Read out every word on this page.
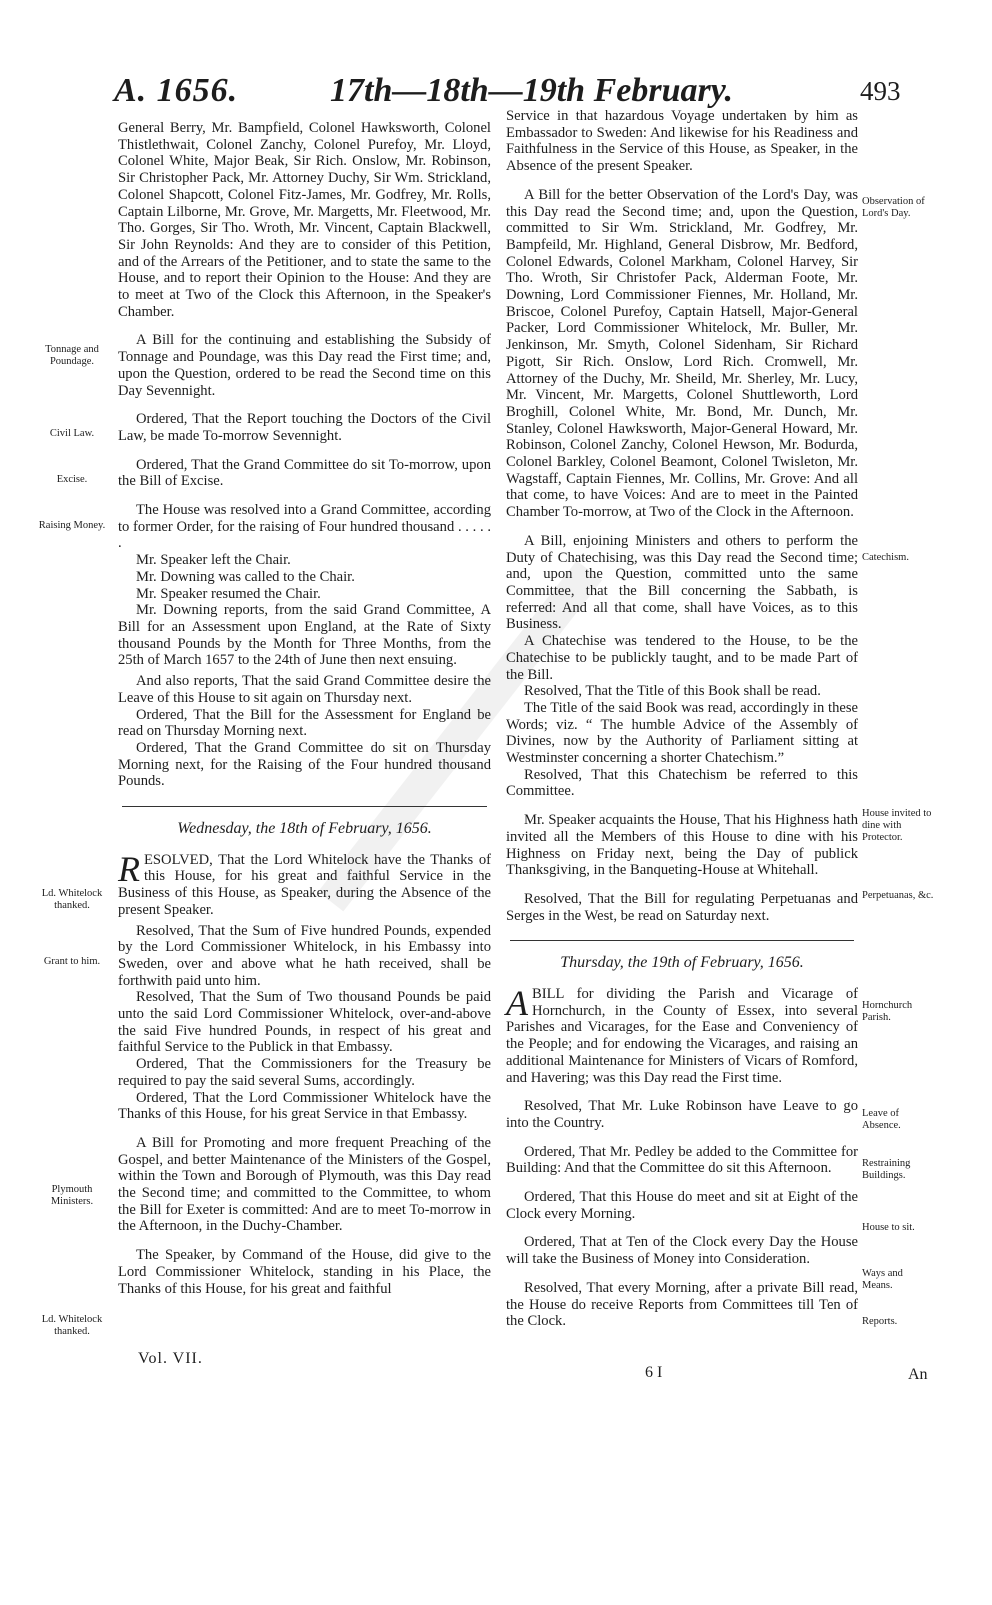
A. 1656.	17th—18th—19th February.	493

General Berry, Mr. Bampfield, Colonel Hawksworth, Colonel Thistlethwait, Colonel Zanchy, Colonel Purefoy, Mr. Lloyd, Colonel White, Major Beak, Sir Rich. Onslow, Mr. Robinson, Sir Christopher Pack, Mr. Attorney Duchy, Sir Wm. Strickland, Colonel Shapcott, Colonel Fitz-James, Mr. Godfrey, Mr. Rolls, Captain Lilborne, Mr. Grove, Mr. Margetts, Mr. Fleetwood, Mr. Tho. Gorges, Sir Tho. Wroth, Mr. Vincent, Captain Blackwell, Sir John Reynolds: And they are to consider of this Petition, and of the Arrears of the Petitioner, and to state the same to the House, and to report their Opinion to the House: And they are to meet at Two of the Clock this Afternoon, in the Speaker's Chamber.

A Bill for the continuing and establishing the Subsidy of Tonnage and Poundage, was this Day read the First time; and, upon the Question, ordered to be read the Second time on this Day Sevennight.

Ordered, That the Report touching the Doctors of the Civil Law, be made To-morrow Sevennight.

Ordered, That the Grand Committee do sit To-morrow, upon the Bill of Excise.

The House was resolved into a Grand Committee, according to former Order, for the raising of Four hundred thousand . . . . . .

Mr. Speaker left the Chair.

Mr. Downing was called to the Chair.

Mr. Speaker resumed the Chair.

Mr. Downing reports, from the said Grand Committee, A Bill for an Assessment upon England, at the Rate of Sixty thousand Pounds by the Month for Three Months, from the 25th of March 1657 to the 24th of June then next ensuing.

And also reports, That the said Grand Committee desire the Leave of this House to sit again on Thursday next.

Ordered, That the Bill for the Assessment for England be read on Thursday Morning next.

Ordered, That the Grand Committee do sit on Thursday Morning next, for the Raising of the Four hundred thousand Pounds.

Wednesday, the 18th of February, 1656.

RESOLVED, That the Lord Whitelock have the Thanks of this House, for his great and faithful Service in the Business of this House, as Speaker, during the Absence of the present Speaker.

Resolved, That the Sum of Five hundred Pounds, expended by the Lord Commissioner Whitelock, in his Embassy into Sweden, over and above what he hath received, shall be forthwith paid unto him.

Resolved, That the Sum of Two thousand Pounds be paid unto the said Lord Commissioner Whitelock, over-and-above the said Five hundred Pounds, in respect of his great and faithful Service to the Publick in that Embassy.

Ordered, That the Commissioners for the Treasury be required to pay the said several Sums, accordingly.

Ordered, That the Lord Commissioner Whitelock have the Thanks of this House, for his great Service in that Embassy.

A Bill for Promoting and more frequent Preaching of the Gospel, and better Maintenance of the Ministers of the Gospel, within the Town and Borough of Plymouth, was this Day read the Second time; and committed to the Committee, to whom the Bill for Exeter is committed: And are to meet To-morrow in the Afternoon, in the Duchy-Chamber.

The Speaker, by Command of the House, did give to the Lord Commissioner Whitelock, standing in his Place, the Thanks of this House, for his great and faithful

Service in that hazardous Voyage undertaken by him as Embassador to Sweden: And likewise for his Readiness and Faithfulness in the Service of this House, as Speaker, in the Absence of the present Speaker.

A Bill for the better Observation of the Lord's Day, was this Day read the Second time; and, upon the Question, committed to Sir Wm. Strickland, Mr. Godfrey, Mr. Bampfeild, Mr. Highland, General Disbrow, Mr. Bedford, Colonel Edwards, Colonel Markham, Colonel Harvey, Sir Tho. Wroth, Sir Christofer Pack, Alderman Foote, Mr. Downing, Lord Commissioner Fiennes, Mr. Holland, Mr. Briscoe, Colonel Purefoy, Captain Hatsell, Major-General Packer, Lord Commissioner Whitelock, Mr. Buller, Mr. Jenkinson, Mr. Smyth, Colonel Sidenham, Sir Richard Pigott, Sir Rich. Onslow, Lord Rich. Cromwell, Mr. Attorney of the Duchy, Mr. Sheild, Mr. Sherley, Mr. Lucy, Mr. Vincent, Mr. Margetts, Colonel Shuttleworth, Lord Broghill, Colonel White, Mr. Bond, Mr. Dunch, Mr. Stanley, Colonel Hawksworth, Major-General Howard, Mr. Robinson, Colonel Zanchy, Colonel Hewson, Mr. Bodurda, Colonel Barkley, Colonel Beamont, Colonel Twisleton, Mr. Wagstaff, Captain Fiennes, Mr. Collins, Mr. Grove: And all that come, to have Voices: And are to meet in the Painted Chamber To-morrow, at Two of the Clock in the Afternoon.

A Bill, enjoining Ministers and others to perform the Duty of Chatechising, was this Day read the Second time; and, upon the Question, committed unto the same Committee, that the Bill concerning the Sabbath, is referred: And all that come, shall have Voices, as to this Business.

A Chatechise was tendered to the House, to be the Chatechise to be publickly taught, and to be made Part of the Bill.

Resolved, That the Title of this Book shall be read.

The Title of the said Book was read, accordingly in these Words; viz. “ The humble Advice of the Assembly of Divines, now by the Authority of Parliament sitting at Westminster concerning a shorter Chatechism.”

Resolved, That this Chatechism be referred to this Committee.

Mr. Speaker acquaints the House, That his Highness hath invited all the Members of this House to dine with his Highness on Friday next, being the Day of publick Thanksgiving, in the Banqueting-House at Whitehall.

Resolved, That the Bill for regulating Perpetuanas and Serges in the West, be read on Saturday next.

Thursday, the 19th of February, 1656.

ABILL for dividing the Parish and Vicarage of Hornchurch, in the County of Essex, into several Parishes and Vicarages, for the Ease and Conveniency of the People; and for endowing the Vicarages, and raising an additional Maintenance for Ministers of Vicars of Romford, and Havering; was this Day read the First time.

Resolved, That Mr. Luke Robinson have Leave to go into the Country.

Ordered, That Mr. Pedley be added to the Committee for Building: And that the Committee do sit this Afternoon.

Ordered, That this House do meet and sit at Eight of the Clock every Morning.

Ordered, That at Ten of the Clock every Day the House will take the Business of Money into Consideration.

Resolved, That every Morning, after a private Bill read, the House do receive Reports from Committees till Ten of the Clock.

Tonnage and Poundage.
Civil Law.
Excise.
Raising Money.
Ld. Whitelock thanked.
Grant to him.
Plymouth Ministers.
Ld. Whitelock thanked.
Observation of Lord's Day.
Catechism.
House invited to dine with Protector.
Perpetuanas, &c.
Hornchurch Parish.
Leave of Absence.
Restraining Buildings.
House to sit.
Ways and Means.
Reports.
Vol. VII.
6 I	An
